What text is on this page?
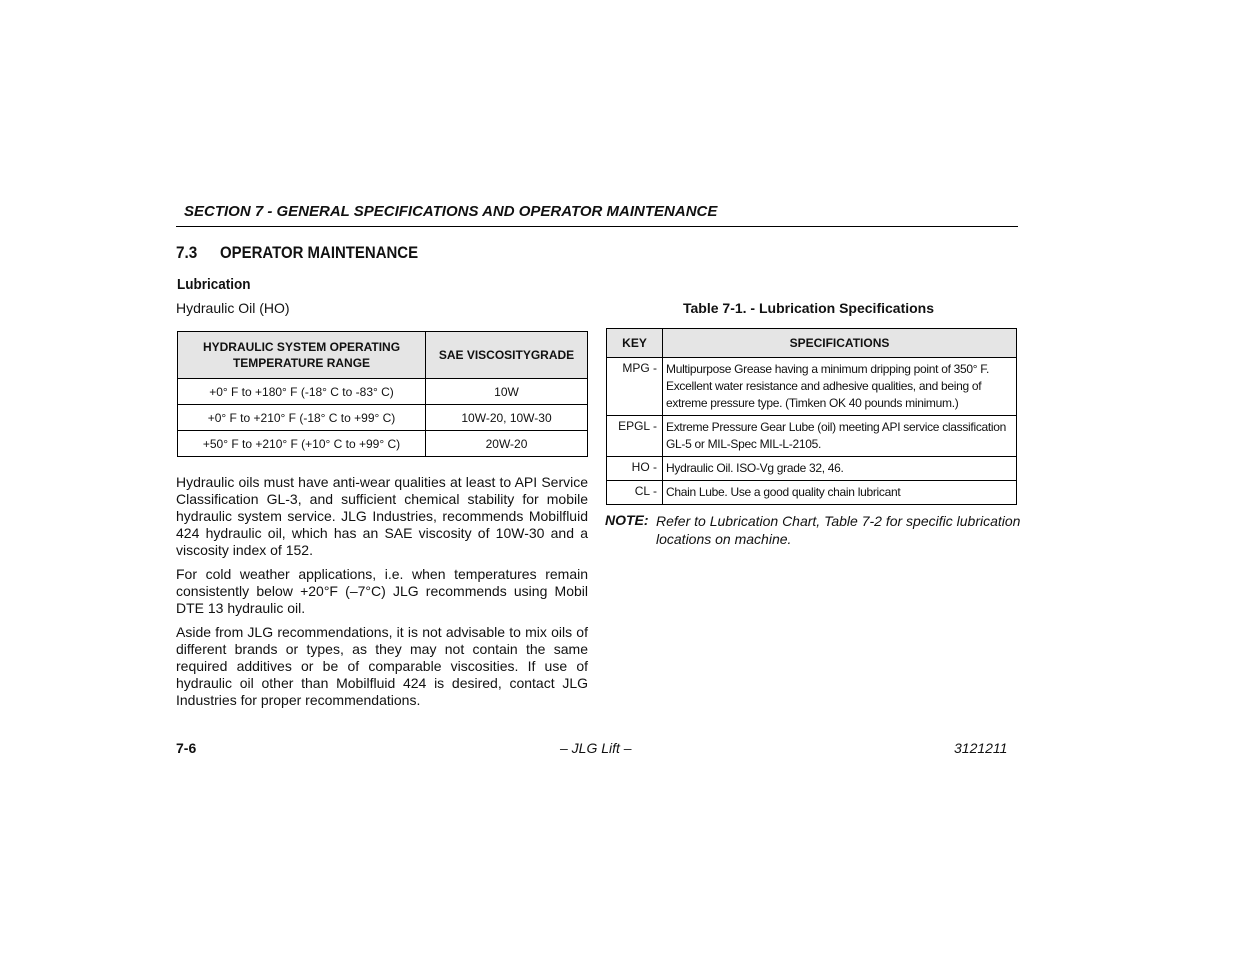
SECTION 7 - GENERAL SPECIFICATIONS AND OPERATOR MAINTENANCE
7.3 OPERATOR MAINTENANCE
Lubrication
Hydraulic Oil (HO)
HYDRAULIC SYSTEM OPERATING TEMPERATURE RANGE	SAE VISCOSITYGRADE
+0° F to +180° F (-18° C to -83° C)	10W
+0° F to +210° F (-18° C to +99° C)	10W-20, 10W-30
+50° F to +210° F (+10° C to +99° C)	20W-20
Table 7-1. - Lubrication Specifications
KEY	SPECIFICATIONS
MPG -	Multipurpose Grease having a minimum dripping point of 350° F. Excellent water resistance and adhesive qualities, and being of extreme pressure type. (Timken OK 40 pounds minimum.)
EPGL -	Extreme Pressure Gear Lube (oil) meeting API service classification GL-5 or MIL-Spec MIL-L-2105.
HO -	Hydraulic Oil. ISO-Vg grade 32, 46.
CL -	Chain Lube. Use a good quality chain lubricant
NOTE: Refer to Lubrication Chart, Table 7-2 for specific lubrication locations on machine.
Hydraulic oils must have anti-wear qualities at least to API Service Classification GL-3, and sufficient chemical stability for mobile hydraulic system service. JLG Industries, recommends Mobilfluid 424 hydraulic oil, which has an SAE viscosity of 10W-30 and a viscosity index of 152.
For cold weather applications, i.e. when temperatures remain consistently below +20°F (–7°C) JLG recommends using Mobil DTE 13 hydraulic oil.
Aside from JLG recommendations, it is not advisable to mix oils of different brands or types, as they may not contain the same required additives or be of comparable viscosities. If use of hydraulic oil other than Mobilfluid 424 is desired, contact JLG Industries for proper recommendations.
7-6	– JLG Lift –	3121211
